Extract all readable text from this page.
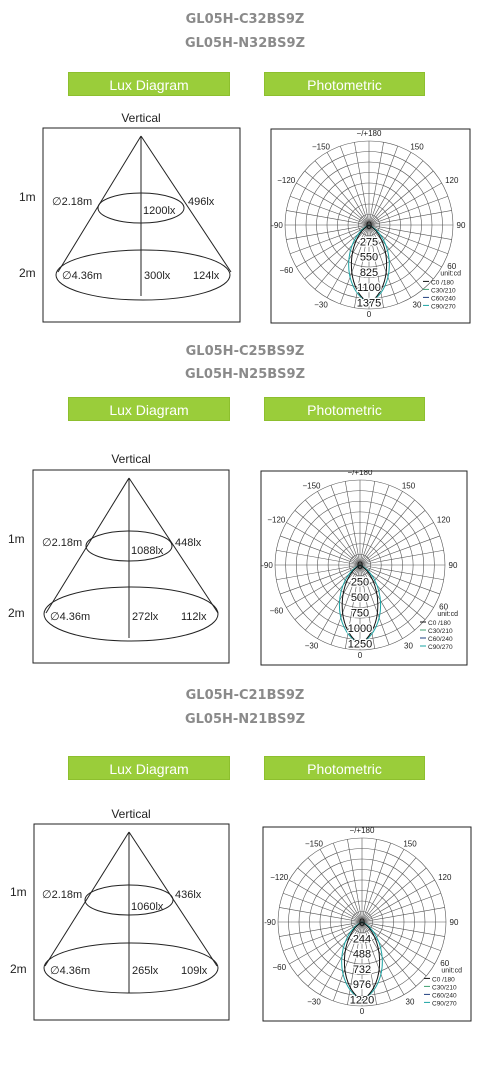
GL05H-C32BS9Z
GL05H-N32BS9Z
Lux Diagram	Photometric
Vertical
1m
2m
∅2.18m
∅4.36m
1200lx
496lx
300lx 124lx
−/+180
−150	150
−120	120
-90	90
−60	60
−30	30
0
0
275
550
825
1100
1375
unit:cd
C0 /180
C30/210
C60/240
C90/270
GL05H-C25BS9Z
GL05H-N25BS9Z
Lux Diagram	Photometric
Vertical
1m
2m
∅2.18m
∅4.36m
1088lx
448lx
272lx 112lx
−/+180
−150	150
−120	120
-90	90
−60	60
−30	30
0
0
250
500
750
1000
1250
unit:cd
C0 /180
C30/210
C60/240
C90/270
GL05H-C21BS9Z
GL05H-N21BS9Z
Lux Diagram	Photometric
Vertical
1m
2m
∅2.18m
∅4.36m
1060lx
436lx
265lx 109lx
−/+180
−150	150
−120	120
-90	90
−60	60
−30	30
0
0
244
488
732
976
1220
unit:cd
C0 /180
C30/210
C60/240
C90/270
